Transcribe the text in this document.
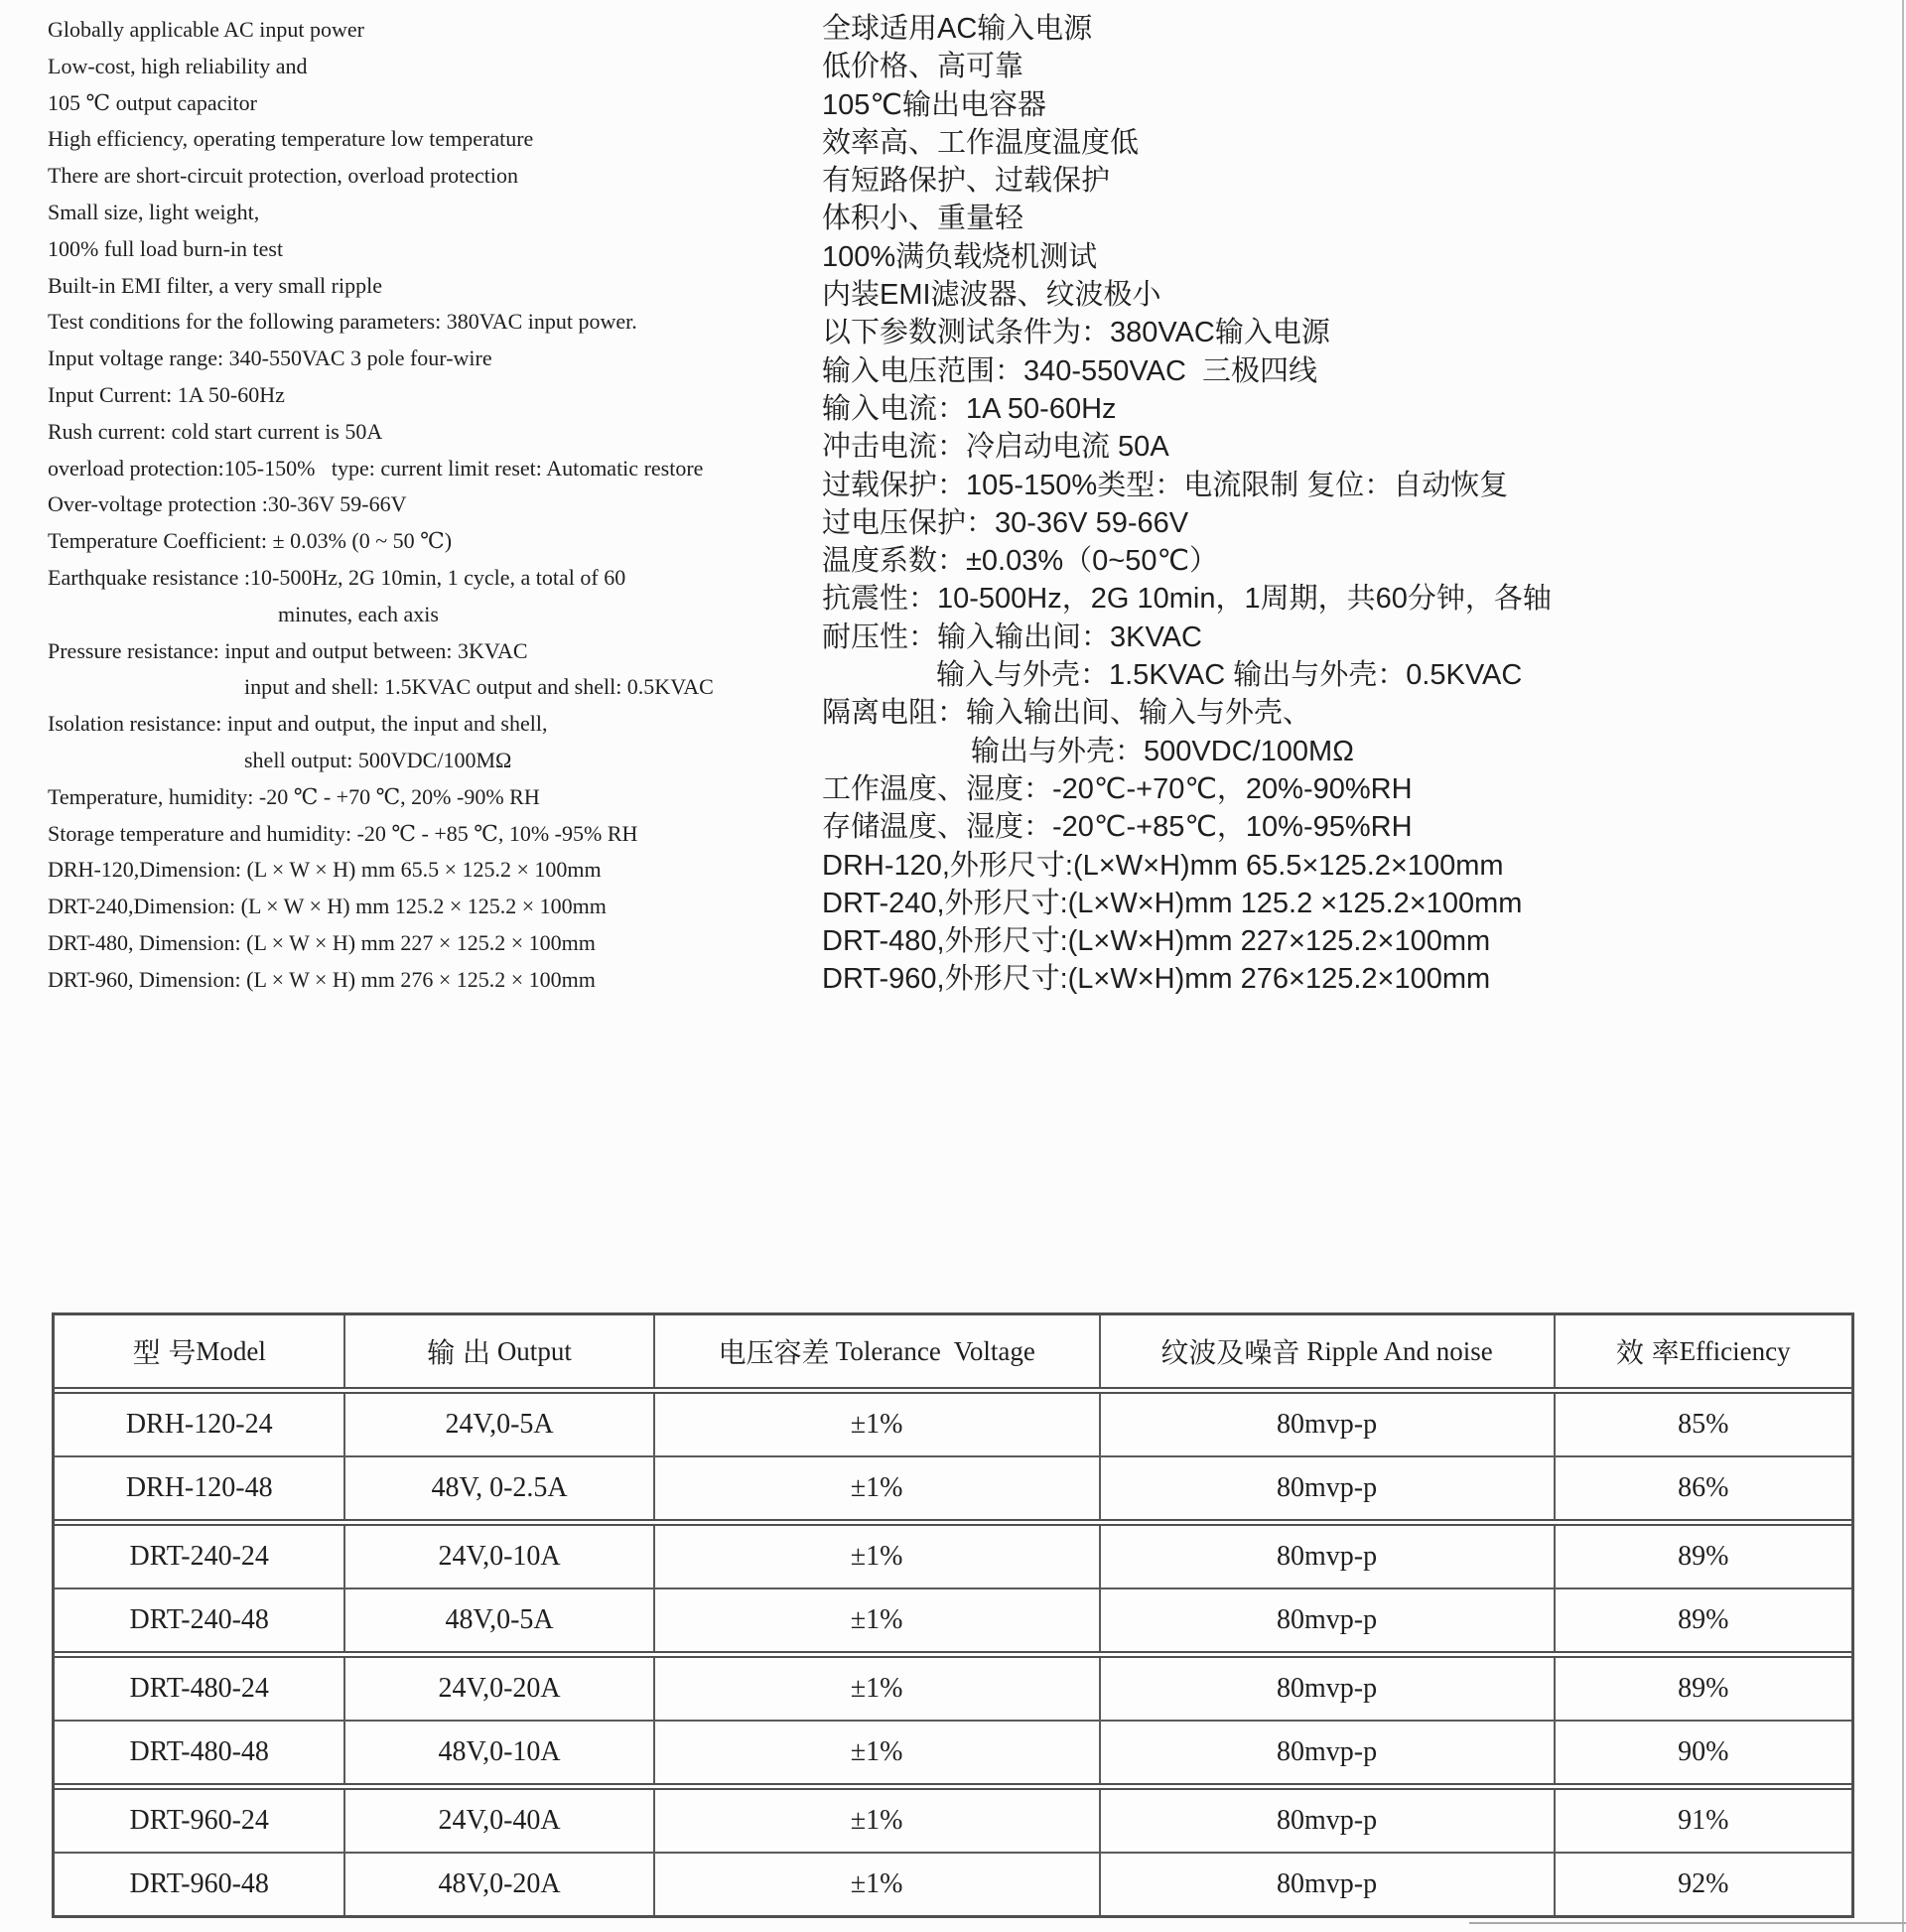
Globally applicable AC input power
Low-cost, high reliability and
105 ℃ output capacitor
High efficiency, operating temperature low temperature
There are short-circuit protection, overload protection
Small size, light weight,
100% full load burn-in test
Built-in EMI filter, a very small ripple
Test conditions for the following parameters: 380VAC input power.
Input voltage range: 340-550VAC 3 pole four-wire
Input Current: 1A 50-60Hz
Rush current: cold start current is 50A
overload protection:105-150%   type: current limit reset: Automatic restore
Over-voltage protection :30-36V 59-66V
Temperature Coefficient: ± 0.03% (0 ~ 50 ℃)
Earthquake resistance :10-500Hz, 2G 10min, 1 cycle, a total of 60
minutes, each axis
Pressure resistance: input and output between: 3KVAC
input and shell: 1.5KVAC output and shell: 0.5KVAC
Isolation resistance: input and output, the input and shell,
shell output: 500VDC/100MΩ
Temperature, humidity: -20 ℃ - +70 ℃, 20% -90% RH
Storage temperature and humidity: -20 ℃ - +85 ℃, 10% -95% RH
DRH-120,Dimension: (L × W × H) mm 65.5 × 125.2 × 100mm
DRT-240,Dimension: (L × W × H) mm 125.2 × 125.2 × 100mm
DRT-480, Dimension: (L × W × H) mm 227 × 125.2 × 100mm
DRT-960, Dimension: (L × W × H) mm 276 × 125.2 × 100mm
全球适用AC输入电源
低价格、高可靠
105℃输出电容器
效率高、工作温度温度低
有短路保护、过载保护
体积小、重量轻
100%满负载烧机测试
内装EMI滤波器、纹波极小
以下参数测试条件为：380VAC输入电源
输入电压范围：340-550VAC  三极四线
输入电流：1A 50-60Hz
冲击电流：冷启动电流 50A
过载保护：105-150%类型：电流限制 复位：自动恢复
过电压保护：30-36V 59-66V
温度系数：±0.03%（0~50℃）
抗震性：10-500Hz，2G 10min，1周期，共60分钟，各轴
耐压性：输入输出间：3KVAC
输入与外壳：1.5KVAC 输出与外壳：0.5KVAC
隔离电阻：输入输出间、输入与外壳、
输出与外壳：500VDC/100MΩ
工作温度、湿度：-20℃-+70℃，20%-90%RH
存储温度、湿度：-20℃-+85℃，10%-95%RH
DRH-120,外形尺寸:(L×W×H)mm 65.5×125.2×100mm
DRT-240,外形尺寸:(L×W×H)mm 125.2 ×125.2×100mm
DRT-480,外形尺寸:(L×W×H)mm 227×125.2×100mm
DRT-960,外形尺寸:(L×W×H)mm 276×125.2×100mm
型 号 Model	输 出 Output	电压容差 Tolerance  Voltage	纹波及噪音 Ripple And noise	效 率 Efficiency
DRH-120-24	24V,0-5A	±1%	80mvp-p	85%
DRH-120-48	48V, 0-2.5A	±1%	80mvp-p	86%
DRT-240-24	24V,0-10A	±1%	80mvp-p	89%
DRT-240-48	48V,0-5A	±1%	80mvp-p	89%
DRT-480-24	24V,0-20A	±1%	80mvp-p	89%
DRT-480-48	48V,0-10A	±1%	80mvp-p	90%
DRT-960-24	24V,0-40A	±1%	80mvp-p	91%
DRT-960-48	48V,0-20A	±1%	80mvp-p	92%
